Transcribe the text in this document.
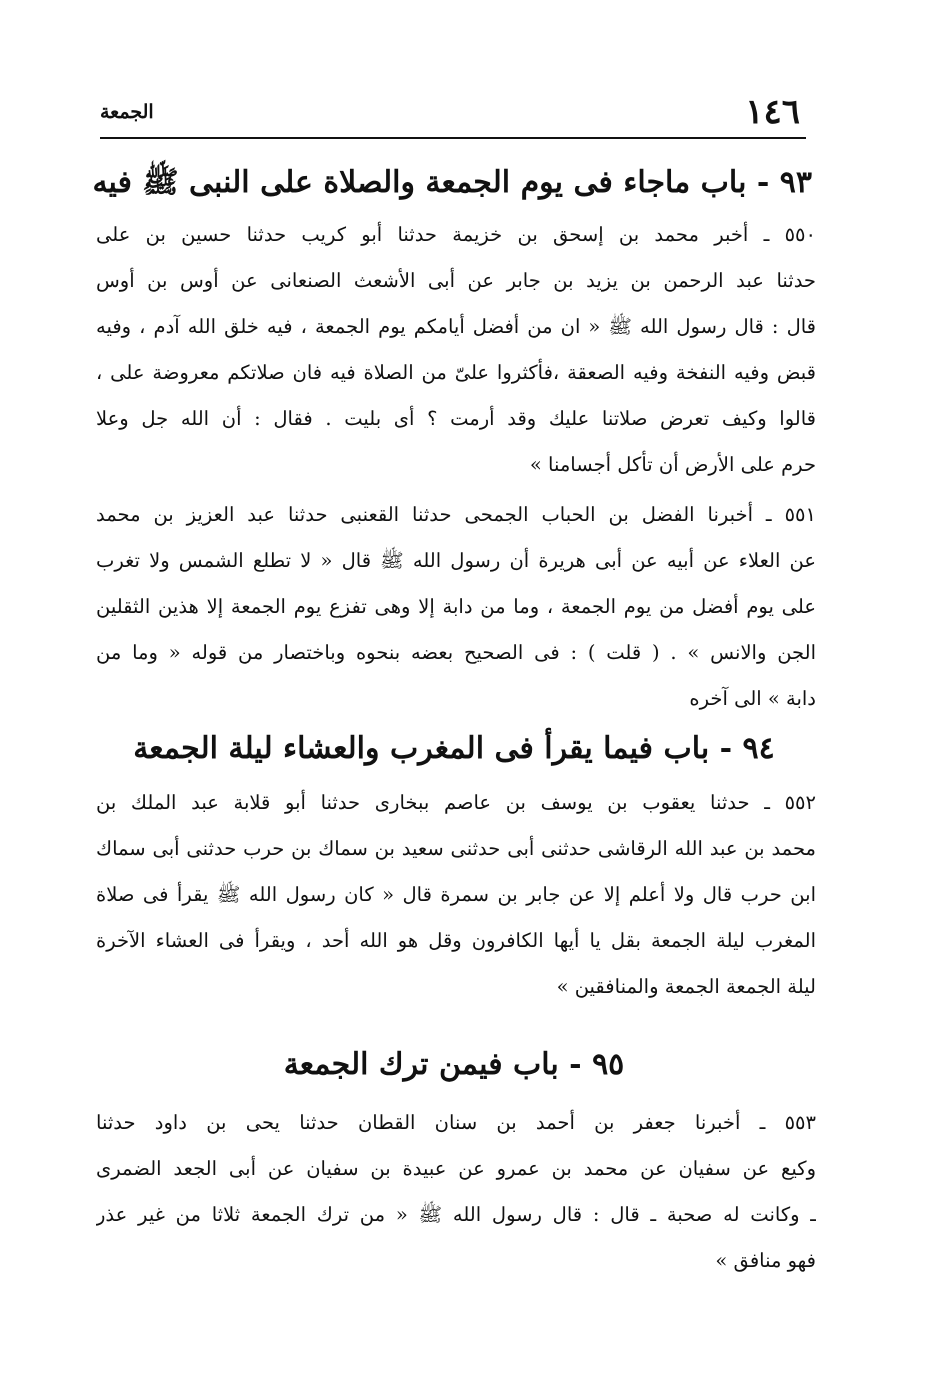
١٤٦
الجمعة
٩٣ - باب ماجاء فى يوم الجمعة والصلاة على النبى ﷺ فيه
٥٥٠ ـ أخبر محمد بن إسحق بن خزيمة حدثنا أبو كريب حدثنا حسين بن على
حدثنا عبد الرحمن بن يزيد بن جابر عن أبى الأشعث الصنعانى عن أوس بن أوس
قال : قال رسول الله ﷺ « ان من أفضل أيامكم يوم الجمعة ، فيه خلق الله آدم ، وفيه
قبض وفيه النفخة وفيه الصعقة ،فأكثروا علىّ من الصلاة فيه فان صلاتكم معروضة على ،
قالوا وكيف تعرض صلاتنا عليك وقد أرمت ؟ أى بليت . فقال : أن الله جل وعلا
حرم على الأرض أن تأكل أجسامنا »
٥٥١ ـ أخبرنا الفضل بن الحباب الجمحى حدثنا القعنبى حدثنا عبد العزيز بن محمد
عن العلاء عن أبيه عن أبى هريرة أن رسول الله ﷺ قال « لا تطلع الشمس ولا تغرب
على يوم أفضل من يوم الجمعة ، وما من دابة إلا وهى تفزع يوم الجمعة إلا هذين الثقلين
الجن والانس » . ( قلت ) : فى الصحيح بعضه بنحوه وباختصار من قوله « وما من
دابة » الى آخره
٩٤ - باب فيما يقرأ فى المغرب والعشاء ليلة الجمعة
٥٥٢ ـ حدثنا يعقوب بن يوسف بن عاصم ببخارى حدثنا أبو قلابة عبد الملك بن
محمد بن عبد الله الرقاشى حدثنى أبى حدثنى سعيد بن سماك بن حرب حدثنى أبى سماك
ابن حرب قال ولا أعلم إلا عن جابر بن سمرة قال « كان رسول الله ﷺ يقرأ فى صلاة
المغرب ليلة الجمعة بقل يا أيها الكافرون وقل هو الله أحد ، ويقرأ فى العشاء الآخرة
ليلة الجمعة الجمعة والمنافقين »
٩٥ - باب فيمن ترك الجمعة
٥٥٣ ـ أخبرنا جعفر بن أحمد بن سنان القطان حدثنا يحى بن داود حدثنا
وكيع عن سفيان عن محمد بن عمرو عن عبيدة بن سفيان عن أبى الجعد الضمرى
ـ وكانت له صحبة ـ قال : قال رسول الله ﷺ « من ترك الجمعة ثلاثا من غير عذر
فهو منافق »
